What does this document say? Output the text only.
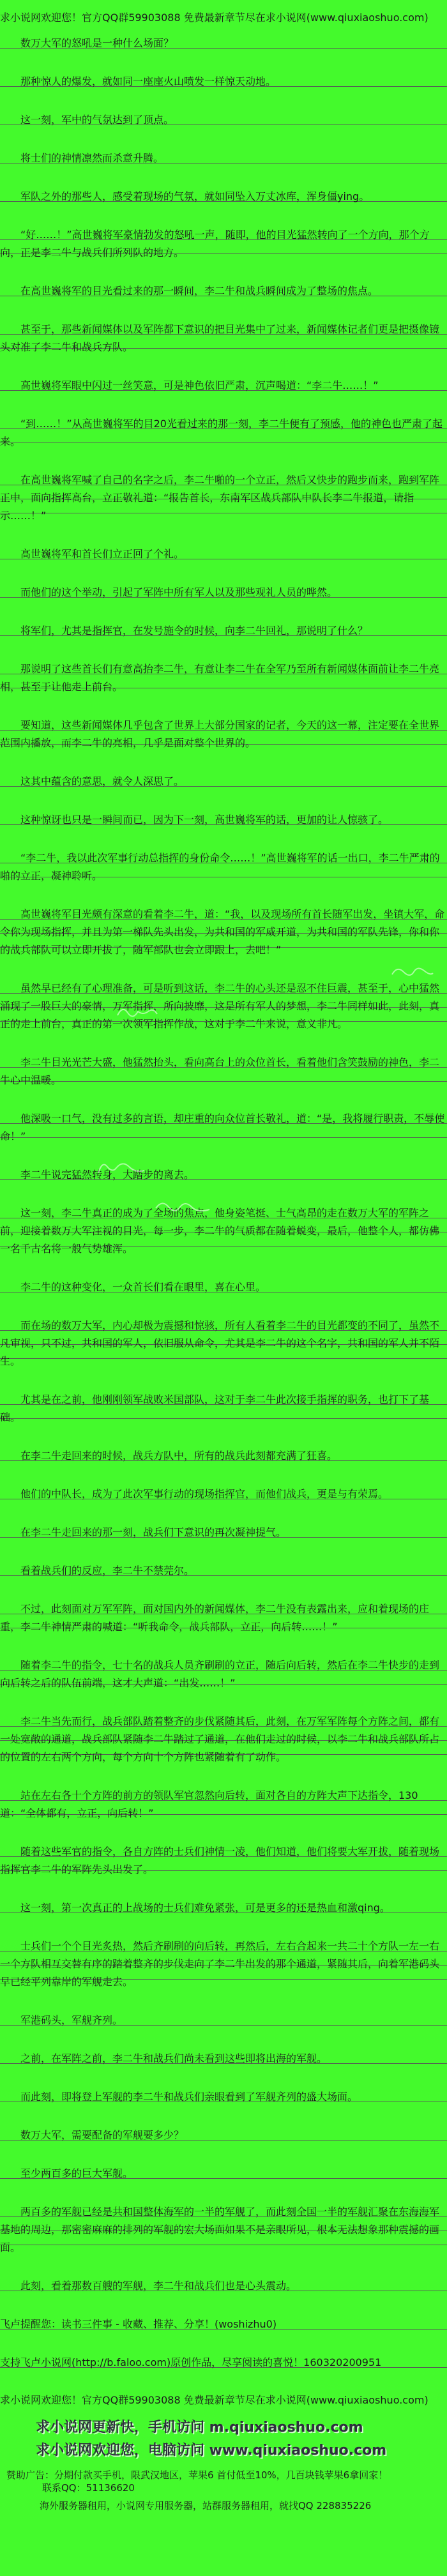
求小说网欢迎您！官方QQ群59903088 免费最新章节尽在求小说网(www.qiuxiaoshuo.com)

数万大军的怒吼是一种什么场面？

那种惊人的爆发，就如同一座座火山喷发一样惊天动地。

这一刻，军中的气氛达到了顶点。

将士们的神情凛然而杀意升腾。

军队之外的那些人，感受着现场的气氛，就如同坠入万丈冰库，浑身僵ying。

“好……！”高世巍将军豪情勃发的怒吼一声，随即，他的目光猛然转向了一个方向，那个方向，正是李二牛与战兵们所列队的地方。

在高世巍将军的目光看过来的那一瞬间，李二牛和战兵瞬间成为了整场的焦点。

甚至于，那些新闻媒体以及军阵都下意识的把目光集中了过来，新闻媒体记者们更是把摄像镜头对准了李二牛和战兵方队。

高世巍将军眼中闪过一丝笑意，可是神色依旧严肃，沉声喝道：“李二牛……！”

“到……！”从高世巍将军的目20光看过来的那一刻，李二牛便有了预感，他的神色也严肃了起来。

在高世巍将军喊了自己的名字之后，李二牛啪的一个立正，然后又快步的跑步而来，跑到军阵正中，面向指挥高台，立正敬礼道：“报告首长，东南军区战兵部队中队长李二牛报道，请指示……！”

高世巍将军和首长们立正回了个礼。

而他们的这个举动，引起了军阵中所有军人以及那些观礼人员的哗然。

将军们，尤其是指挥官，在发号施令的时候，向李二牛回礼，那说明了什么？

那说明了这些首长们有意高抬李二牛，有意让李二牛在全军乃至所有新闻媒体面前让李二牛亮相，甚至于让他走上前台。

要知道，这些新闻媒体几乎包含了世界上大部分国家的记者，今天的这一幕，注定要在全世界范围内播放，而李二牛的亮相，几乎是面对整个世界的。

这其中蕴含的意思，就令人深思了。

这种惊讶也只是一瞬间而已，因为下一刻，高世巍将军的话，更加的让人惊骇了。

“李二牛，我以此次军事行动总指挥的身份命令……！”高世巍将军的话一出口，李二牛严肃的啪的立正，凝神聆听。

高世巍将军目光颇有深意的看着李二牛，道：“我，以及现场所有首长随军出发，坐镇大军，命令你为现场指挥，并且为第一梯队先头出发，为共和国的军威开道，为共和国的军队先锋，你和你的战兵部队可以立即开拔了，随军部队也会立即跟上，去吧！”

虽然早已经有了心理准备，可是听到这话，李二牛的心头还是忍不住巨震，甚至于，心中猛然涌现了一股巨大的豪情，万军指挥，所向披靡，这是所有军人的梦想，李二牛同样如此，此刻，真正的走上前台，真正的第一次领军指挥作战，这对于李二牛来说，意义非凡。

李二牛目光光芒大盛，他猛然抬头，看向高台上的众位首长，看着他们含笑鼓励的神色，李二牛心中温暖。

他深吸一口气，没有过多的言语，却庄重的向众位首长敬礼，道：“是，我将履行职责，不辱使命！”

李二牛说完猛然转身，大踏步的离去。

这一刻，李二牛真正的成为了全场的焦点，他身姿笔挺、士气高昂的走在数万大军的军阵之前，迎接着数万大军注视的目光，每一步，李二牛的气质都在随着蜕变，最后，他整个人，都仿佛一名千古名将一般气势雄浑。

李二牛的这种变化，一众首长们看在眼里，喜在心里。

而在场的数万大军，内心却极为震撼和惊骇，所有人看着李二牛的目光都变的不同了，虽然不凡审视，只不过，共和国的军人，依旧服从命令，尤其是李二牛的这个名字，共和国的军人并不陌生。

尤其是在之前，他刚刚领军战败米国部队，这对于李二牛此次接手指挥的职务，也打下了基础。

在李二牛走回来的时候，战兵方队中，所有的战兵此刻都充满了狂喜。

他们的中队长，成为了此次军事行动的现场指挥官，而他们战兵，更是与有荣焉。

在李二牛走回来的那一刻，战兵们下意识的再次凝神提气。

看着战兵们的反应，李二牛不禁莞尔。

不过，此刻面对万军军阵，面对国内外的新闻媒体，李二牛没有表露出来，应和着现场的庄重，李二牛神情严肃的喊道：“听我命令，战兵部队，立正，向后转……！”

随着李二牛的指令，七十名的战兵人员齐刷刷的立正，随后向后转，然后在李二牛快步的走到向后转之后的队伍前端，这才大声道：“出发……！”

李二牛当先而行，战兵部队踏着整齐的步伐紧随其后，此刻，在万军军阵每个方阵之间，都有一处宽敞的通道，战兵部队紧随李二牛踏过了通道，在他们走过的时候，以李二牛和战兵部队所占的位置的左右两个方向，每个方向十个方阵也紧随着有了动作。

站在左右各十个方阵的前方的领队军官忽然向后转，面对各自的方阵大声下达指令，130道：“全体都有，立正，向后转！”

随着这些军官的指令，各自方阵的士兵们神情一凌，他们知道，他们将要大军开拔，随着现场指挥官李二牛的军阵先头出发了。

这一刻，第一次真正的上战场的士兵们难免紧张，可是更多的还是热血和激qing。

士兵们一个个目光炙热，然后齐刷刷的向后转，再然后，左右合起来一共二十个方队一左一右一个方队相互交替有序的踏着整齐的步伐走向了李二牛出发的那个通道，紧随其后，向着军港码头早已经平列靠岸的军舰走去。

军港码头，军舰齐列。

之前，在军阵之前，李二牛和战兵们尚未看到这些即将出海的军舰。

而此刻，即将登上军舰的李二牛和战兵们亲眼看到了军舰齐列的盛大场面。

数万大军，需要配备的军舰要多少？

至少两百多的巨大军舰。

两百多的军舰已经是共和国整体海军的一半的军舰了，而此刻全国一半的军舰汇聚在东海海军基地的周边，那密密麻麻的排列的军舰的宏大场面如果不是亲眼所见，根本无法想象那种震撼的画面。

此刻，看着那数百艘的军舰，李二牛和战兵们也是心头震动。

飞卢提醒您：读书三件事 - 收藏、推荐、分享！(woshizhu0)

支持飞卢小说网(http://b.faloo.com)原创作品，尽享阅读的喜悦！160320200951

求小说网欢迎您！官方QQ群59903088 免费最新章节尽在求小说网(www.qiuxiaoshuo.com)
求小说网更新快，手机访问 m.qiuxiaoshuo.com
求小说网欢迎您，电脑访问 www.qiuxiaoshuo.com
赞助广告：分期付款买手机，限武汉地区，苹果6 首付低至10%，几百块钱苹果6拿回家！
联系QQ：51136620
海外服务器租用，小说网专用服务器，站群服务器租用，就找QQ 228835226
